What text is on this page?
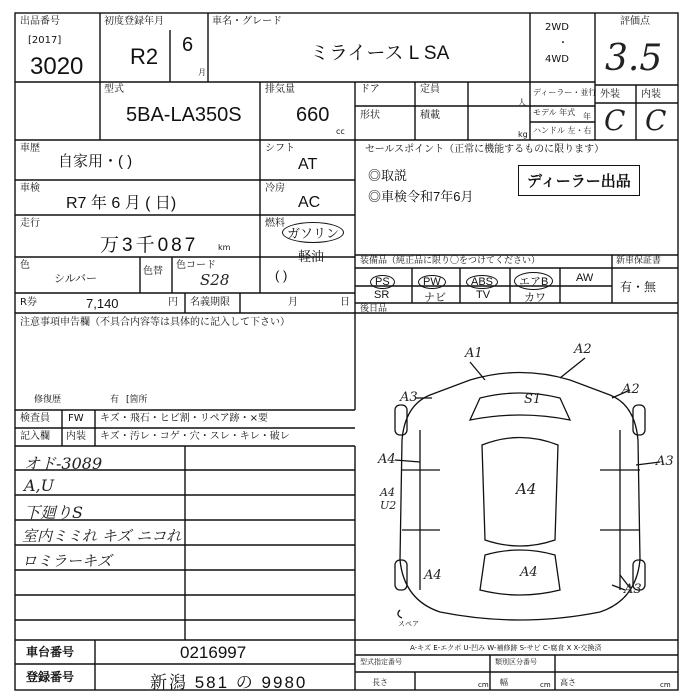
出品番号
[2017]
3020
初度登録年月
R2 6
月
車名・グレード
ミライース L SA
2WD
・
4WD
評価点
3.5
外装 内装
C C
型式
5BA-LA350S
排気量
660
cc
ドア	定員
人
形状	積載
kg
ディーラー・並行
モデル 年式 年
ハンドル 左・右
車歴
自家用・( )
シフト
AT
車検
R7 年 6 月 ( 日)
冷房
AC
走行
万3千087 km
燃料
ガソリン
軽油
( )
色
シルバー
色替
色コード
S28
R券	7,140	円 名義期限	月	日
セールスポイント（正常に機能するものに限ります）
◎取説
◎車検令和7年6月
ディーラー出品
装備品（純正品に限り〇をつけてください）	新車保証書
PS	PW	ABS	エアB	AW
SR	ナビ	TV	カワ
有・無
注意事項申告欄（不具合内容等は具体的に記入して下さい）
後日品
修復歴	有 [箇所
検査員 FW キズ・飛石・ヒビ割・リペア跡・×要
記入欄 内装 キズ・汚レ・コゲ・穴・スレ・キレ・破レ
オド-3089
A,U
下廻りS
室内ミミれ キズ ニコれ
ロミラーキズ
A1	A2
A3
A2
S1
A4	A3
A4
A4 U2
A4	A4
A3
スペア
車台番号	0216997
登録番号	新潟 581 の 9980
A-キズ E-エクボ U-凹み W-補修跡 S-サビ C-腐食 X X-交換済
型式指定番号	類別区分番号
長さ	cm 幅	cm 高さ	cm
